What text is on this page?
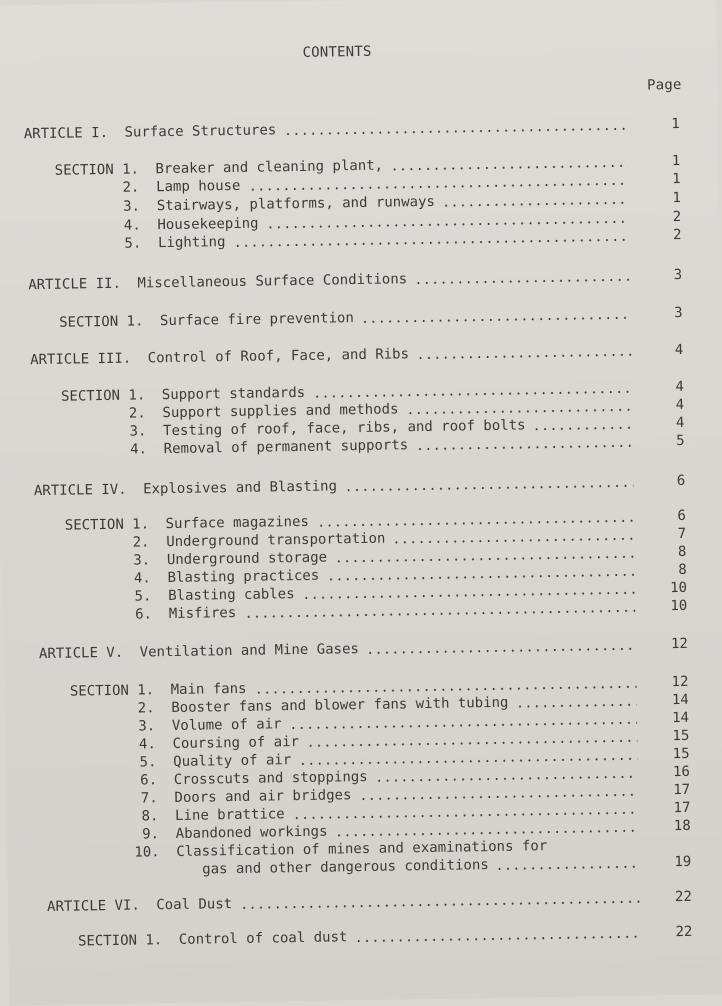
CONTENTS
Page
ARTICLE I. Surface Structures	1
SECTION 1. Breaker and cleaning plant,	1
2. Lamp house	1
3. Stairways, platforms, and runways	1
4. Housekeeping	2
5. Lighting	2
ARTICLE II. Miscellaneous Surface Conditions	3
SECTION 1. Surface fire prevention	3
ARTICLE III. Control of Roof, Face, and Ribs	4
SECTION 1. Support standards	4
2. Support supplies and methods	4
3. Testing of roof, face, ribs, and roof bolts	4
4. Removal of permanent supports	5
ARTICLE IV. Explosives and Blasting	6
SECTION 1. Surface magazines	6
2. Underground transportation	7
3. Underground storage	8
4. Blasting practices	8
5. Blasting cables	10
6. Misfires	10
ARTICLE V. Ventilation and Mine Gases	12
SECTION 1. Main fans	12
2. Booster fans and blower fans with tubing	14
3. Volume of air	14
4. Coursing of air	15
5. Quality of air	15
6. Crosscuts and stoppings	16
7. Doors and air bridges	17
8. Line brattice	17
9. Abandoned workings	18
10. Classification of mines and examinations for
gas and other dangerous conditions	19
ARTICLE VI. Coal Dust	22
SECTION 1. Control of coal dust	22
